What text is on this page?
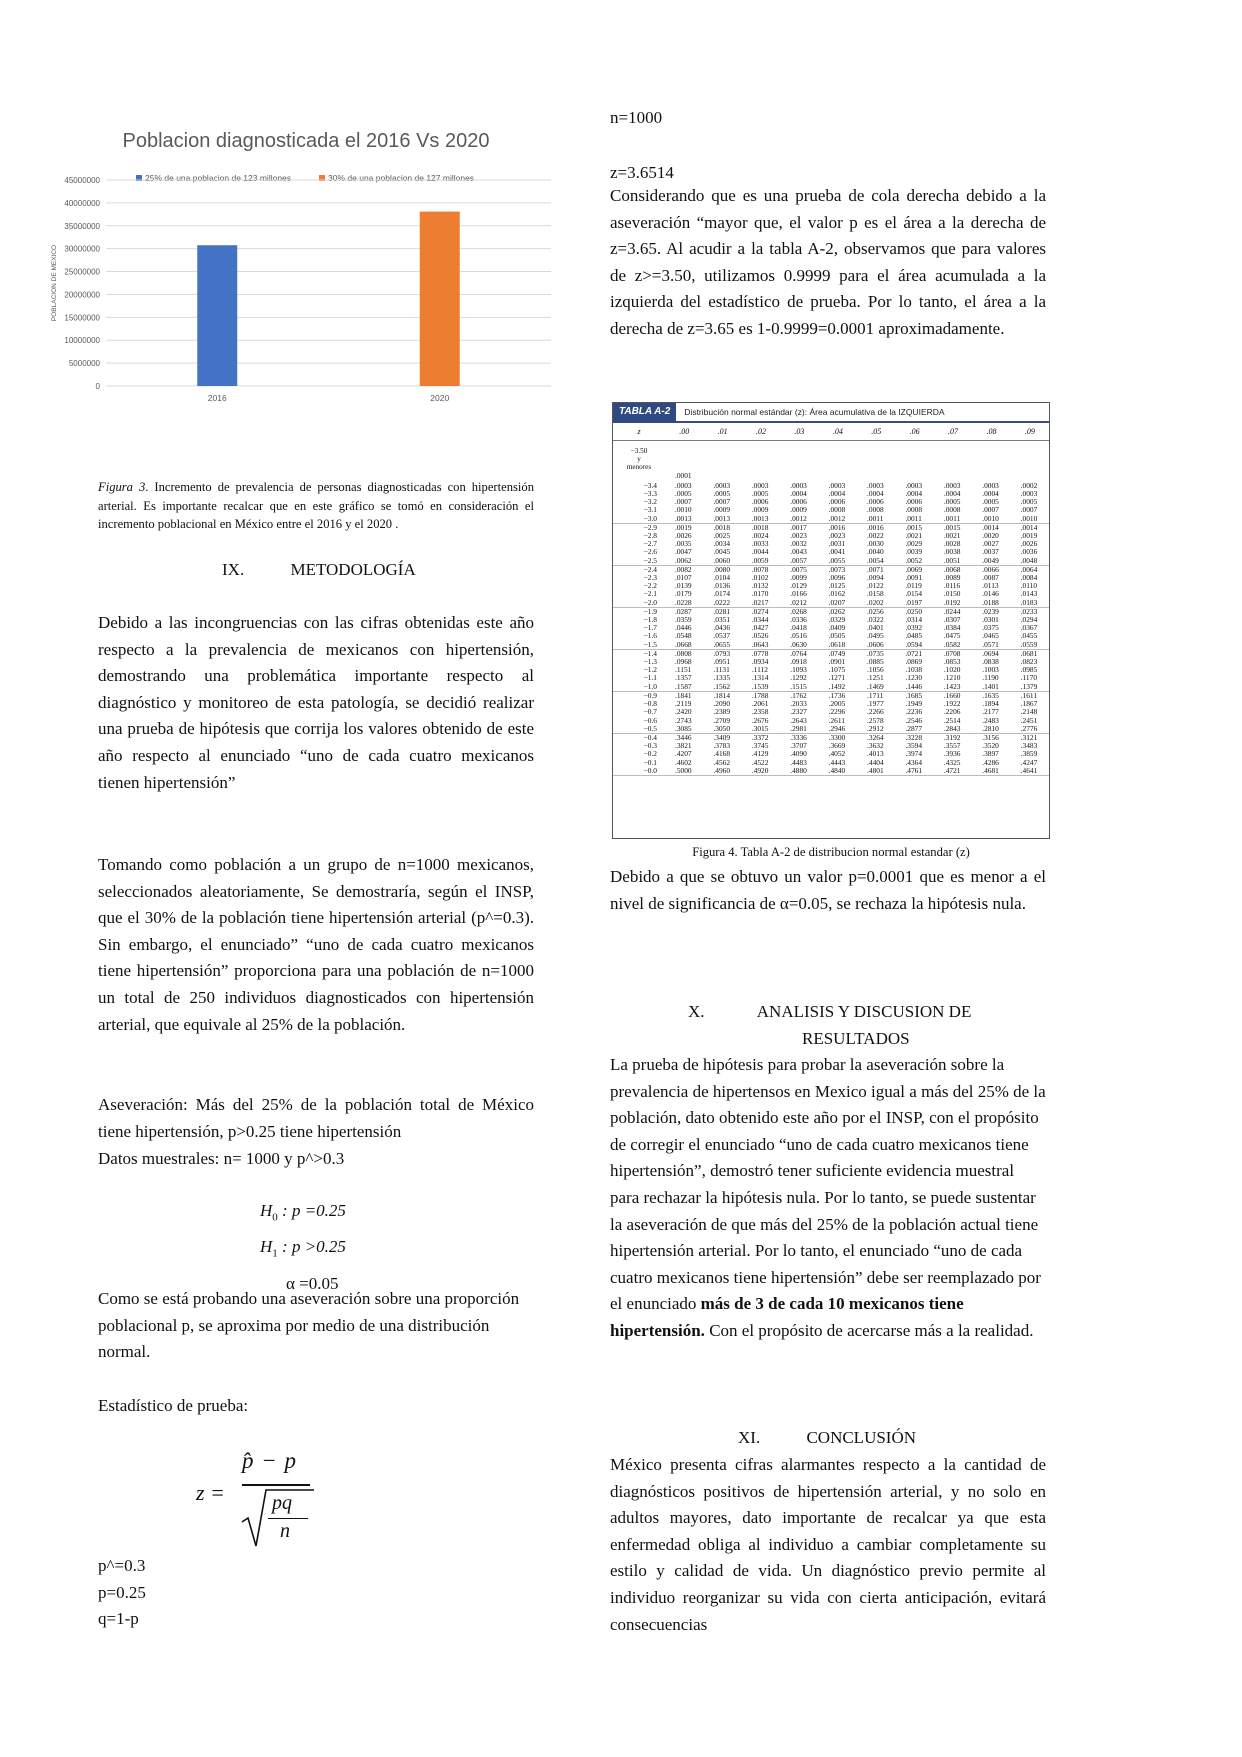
Poblacion diagnosticada el 2016 Vs 2020
25% de una poblacion de 123 millones	30% de una poblacion de 127 millones
0
5000000
10000000
15000000
20000000
25000000
30000000
35000000
40000000
45000000
POBLACION DE MEXICO
2016	2020
Figura 3. Incremento de prevalencia de personas diagnosticadas con hipertensión arterial. Es importante recalcar que en este gráfico se tomó en consideración el incremento poblacional en México entre el 2016 y el 2020 .
IX.	METODOLOGÍA
Debido a las incongruencias con las cifras obtenidas este año respecto a la prevalencia de mexicanos con hipertensión, demostrando una problemática importante respecto al diagnóstico y monitoreo de esta patología, se decidió realizar una prueba de hipótesis que corrija los valores obtenido de este año respecto al enunciado “uno de cada cuatro mexicanos tienen hipertensión”
Tomando como población a un grupo de n=1000 mexicanos, seleccionados aleatoriamente, Se demostraría, según el INSP, que el 30% de la población tiene hipertensión arterial (p^=0.3). Sin embargo, el enunciado” “uno de cada cuatro mexicanos tiene hipertensión” proporciona para una población de n=1000 un total de 250 individuos diagnosticados con hipertensión arterial, que equivale al 25% de la población.
Aseveración: Más del 25% de la población total de México tiene hipertensión, p>0.25 tiene hipertensión
Datos muestrales: n= 1000 y p^>0.3
$H_0$ : p =0.25
$H_1$ : p >0.25
α =0.05
Como se está probando una aseveración sobre una proporción poblacional p, se aproxima por medio de una distribución normal.
Estadístico de prueba:
z =
p̂ − p
pq
n
p^=0.3
p=0.25
q=1-p
n=1000
z=3.6514
Considerando que es una prueba de cola derecha debido a la aseveración “mayor que, el valor p es el área a la derecha de z=3.65. Al acudir a la tabla A-2, observamos que para valores de z>=3.50, utilizamos 0.9999 para el área acumulada a la izquierda del estadístico de prueba. Por lo tanto, el área a la derecha de z=3.65 es 1-0.9999=0.0001 aproximadamente.
TABLA A-2	Distribución normal estándar (z): Área acumulativa de la IZQUIERDA
z	.00	.01	.02	.03	.04	.05	.06	.07	.08	.09
−3.50
y
menores
.0001
−3.4	.0003	.0003	.0003	.0003	.0003	.0003	.0003	.0003	.0003	.0002
−3.3	.0005	.0005	.0005	.0004	.0004	.0004	.0004	.0004	.0004	.0003
−3.2	.0007	.0007	.0006	.0006	.0006	.0006	.0006	.0005	.0005	.0005
−3.1	.0010	.0009	.0009	.0009	.0008	.0008	.0008	.0008	.0007	.0007
−3.0	.0013	.0013	.0013	.0012	.0012	.0011	.0011	.0011	.0010	.0010
−2.9	.0019	.0018	.0018	.0017	.0016	.0016	.0015	.0015	.0014	.0014
−2.8	.0026	.0025	.0024	.0023	.0023	.0022	.0021	.0021	.0020	.0019
−2.7	.0035	.0034	.0033	.0032	.0031	.0030	.0029	.0028	.0027	.0026
−2.6	.0047	.0045	.0044	.0043	.0041	.0040	.0039	.0038	.0037	.0036
−2.5	.0062	.0060	.0059	.0057	.0055	.0054	.0052	.0051	.0049	.0048
−2.4	.0082	.0080	.0078	.0075	.0073	.0071	.0069	.0068	.0066	.0064
−2.3	.0107	.0104	.0102	.0099	.0096	.0094	.0091	.0089	.0087	.0084
−2.2	.0139	.0136	.0132	.0129	.0125	.0122	.0119	.0116	.0113	.0110
−2.1	.0179	.0174	.0170	.0166	.0162	.0158	.0154	.0150	.0146	.0143
−2.0	.0228	.0222	.0217	.0212	.0207	.0202	.0197	.0192	.0188	.0183
−1.9	.0287	.0281	.0274	.0268	.0262	.0256	.0250	.0244	.0239	.0233
−1.8	.0359	.0351	.0344	.0336	.0329	.0322	.0314	.0307	.0301	.0294
−1.7	.0446	.0436	.0427	.0418	.0409	.0401	.0392	.0384	.0375	.0367
−1.6	.0548	.0537	.0526	.0516	.0505	.0495	.0485	.0475	.0465	.0455
−1.5	.0668	.0655	.0643	.0630	.0618	.0606	.0594	.0582	.0571	.0559
−1.4	.0808	.0793	.0778	.0764	.0749	.0735	.0721	.0708	.0694	.0681
−1.3	.0968	.0951	.0934	.0918	.0901	.0885	.0869	.0853	.0838	.0823
−1.2	.1151	.1131	.1112	.1093	.1075	.1056	.1038	.1020	.1003	.0985
−1.1	.1357	.1335	.1314	.1292	.1271	.1251	.1230	.1210	.1190	.1170
−1.0	.1587	.1562	.1539	.1515	.1492	.1469	.1446	.1423	.1401	.1379
−0.9	.1841	.1814	.1788	.1762	.1736	.1711	.1685	.1660	.1635	.1611
−0.8	.2119	.2090	.2061	.2033	.2005	.1977	.1949	.1922	.1894	.1867
−0.7	.2420	.2389	.2358	.2327	.2296	.2266	.2236	.2206	.2177	.2148
−0.6	.2743	.2709	.2676	.2643	.2611	.2578	.2546	.2514	.2483	.2451
−0.5	.3085	.3050	.3015	.2981	.2946	.2912	.2877	.2843	.2810	.2776
−0.4	.3446	.3409	.3372	.3336	.3300	.3264	.3228	.3192	.3156	.3121
−0.3	.3821	.3783	.3745	.3707	.3669	.3632	.3594	.3557	.3520	.3483
−0.2	.4207	.4168	.4129	.4090	.4052	.4013	.3974	.3936	.3897	.3859
−0.1	.4602	.4562	.4522	.4483	.4443	.4404	.4364	.4325	.4286	.4247
−0.0	.5000	.4960	.4920	.4880	.4840	.4801	.4761	.4721	.4681	.4641
Figura 4. Tabla A-2 de distribucion normal estandar (z)
Debido a que se obtuvo un valor p=0.0001 que es menor a el nivel de significancia de α=0.05, se rechaza la hipótesis nula.
X.	ANALISIS Y DISCUSION DE
RESULTADOS
La prueba de hipótesis para probar la aseveración sobre la prevalencia de hipertensos en Mexico igual a más del 25% de la población, dato obtenido este año por el INSP, con el propósito de corregir el enunciado “uno de cada cuatro mexicanos tiene hipertensión”, demostró tener suficiente evidencia muestral para rechazar la hipótesis nula. Por lo tanto, se puede sustentar la aseveración de que más del 25% de la población actual tiene hipertensión arterial. Por lo tanto, el enunciado “uno de cada cuatro mexicanos tiene hipertensión” debe ser reemplazado por el enunciado más de 3 de cada 10 mexicanos tiene hipertensión. Con el propósito de acercarse más a la realidad.
XI.	CONCLUSIÓN
México presenta cifras alarmantes respecto a la cantidad de diagnósticos positivos de hipertensión arterial, y no solo en adultos mayores, dato importante de recalcar ya que esta enfermedad obliga al individuo a cambiar completamente su estilo y calidad de vida. Un diagnóstico previo permite al individuo reorganizar su vida con cierta anticipación, evitará consecuencias
